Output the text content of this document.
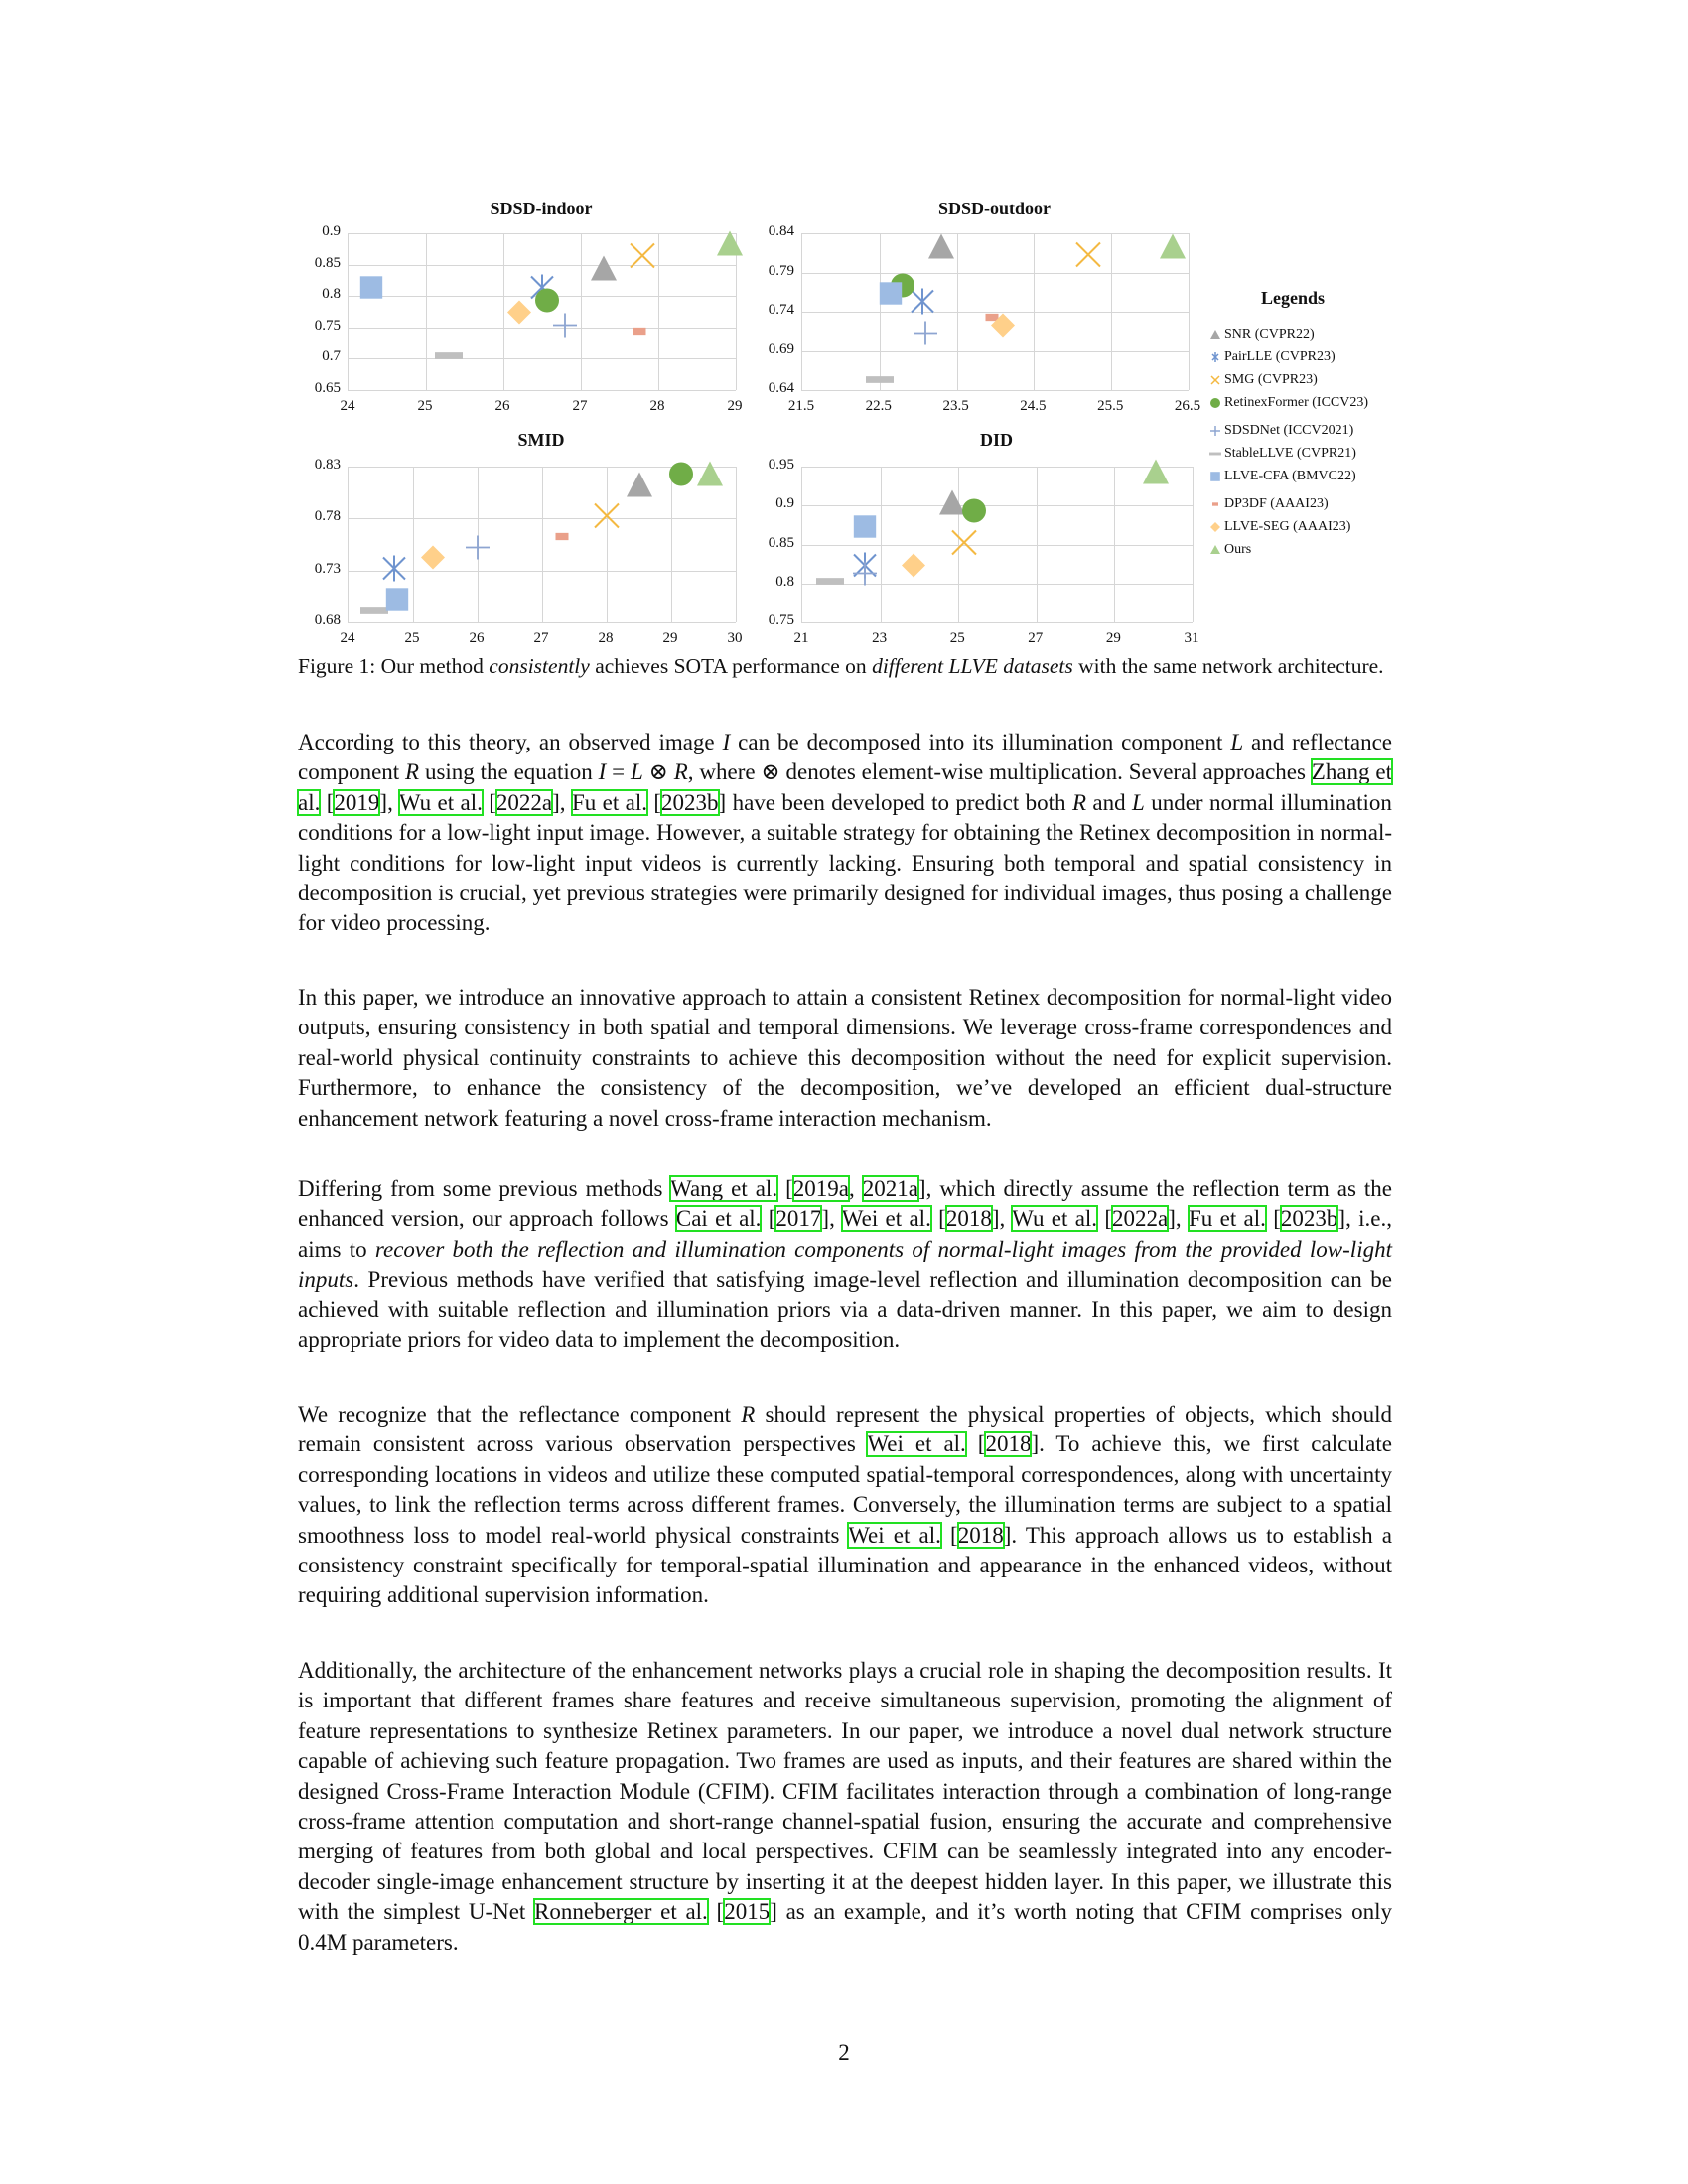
SDSD-indoor
0.9
0.85
0.8
0.75
0.7
0.65
24	25	26	27	28	29
SDSD-outdoor
0.84
0.79
0.74
0.69
0.64
21.5	22.5	23.5	24.5	25.5	26.5
SMID
0.83
0.78
0.73
0.68
24	25	26	27	28	29	30
DID
0.95
0.9
0.85
0.8
0.75
21	23	25	27	29	31
Legends
SNR (CVPR22)
PairLLE (CVPR23)
SMG (CVPR23)
RetinexFormer (ICCV23)
SDSDNet (ICCV2021)
StableLLVE (CVPR21)
LLVE-CFA (BMVC22)
DP3DF (AAAI23)
LLVE-SEG (AAAI23)
Ours
Figure 1: Our method consistently achieves SOTA performance on different LLVE datasets with the same network architecture.
According to this theory, an observed image I can be decomposed into its illumination component L and reflectance component R using the equation I = L ⊗ R, where ⊗ denotes element-wise multiplication. Several approaches Zhang et al. [2019], Wu et al. [2022a], Fu et al. [2023b] have been developed to predict both R and L under normal illumination conditions for a low-light input image. However, a suitable strategy for obtaining the Retinex decomposition in normal-light conditions for low-light input videos is currently lacking. Ensuring both temporal and spatial consistency in decomposition is crucial, yet previous strategies were primarily designed for individual images, thus posing a challenge for video processing.
In this paper, we introduce an innovative approach to attain a consistent Retinex decomposition for normal-light video outputs, ensuring consistency in both spatial and temporal dimensions. We leverage cross-frame correspondences and real-world physical continuity constraints to achieve this decomposition without the need for explicit supervision. Furthermore, to enhance the consistency of the decomposition, we’ve developed an efficient dual-structure enhancement network featuring a novel cross-frame interaction mechanism.
Differing from some previous methods Wang et al. [2019a, 2021a], which directly assume the reflection term as the enhanced version, our approach follows Cai et al. [2017], Wei et al. [2018], Wu et al. [2022a], Fu et al. [2023b], i.e., aims to recover both the reflection and illumination components of normal-light images from the provided low-light inputs. Previous methods have verified that satisfying image-level reflection and illumination decomposition can be achieved with suitable reflection and illumination priors via a data-driven manner. In this paper, we aim to design appropriate priors for video data to implement the decomposition.
We recognize that the reflectance component R should represent the physical properties of objects, which should remain consistent across various observation perspectives Wei et al. [2018]. To achieve this, we first calculate corresponding locations in videos and utilize these computed spatial-temporal correspondences, along with uncertainty values, to link the reflection terms across different frames. Conversely, the illumination terms are subject to a spatial smoothness loss to model real-world physical constraints Wei et al. [2018]. This approach allows us to establish a consistency constraint specifically for temporal-spatial illumination and appearance in the enhanced videos, without requiring additional supervision information.
Additionally, the architecture of the enhancement networks plays a crucial role in shaping the decomposition results. It is important that different frames share features and receive simultaneous supervision, promoting the alignment of feature representations to synthesize Retinex parameters. In our paper, we introduce a novel dual network structure capable of achieving such feature propagation. Two frames are used as inputs, and their features are shared within the designed Cross-Frame Interaction Module (CFIM). CFIM facilitates interaction through a combination of long-range cross-frame attention computation and short-range channel-spatial fusion, ensuring the accurate and comprehensive merging of features from both global and local perspectives. CFIM can be seamlessly integrated into any encoder-decoder single-image enhancement structure by inserting it at the deepest hidden layer. In this paper, we illustrate this with the simplest U-Net Ronneberger et al. [2015] as an example, and it’s worth noting that CFIM comprises only 0.4M parameters.
2
